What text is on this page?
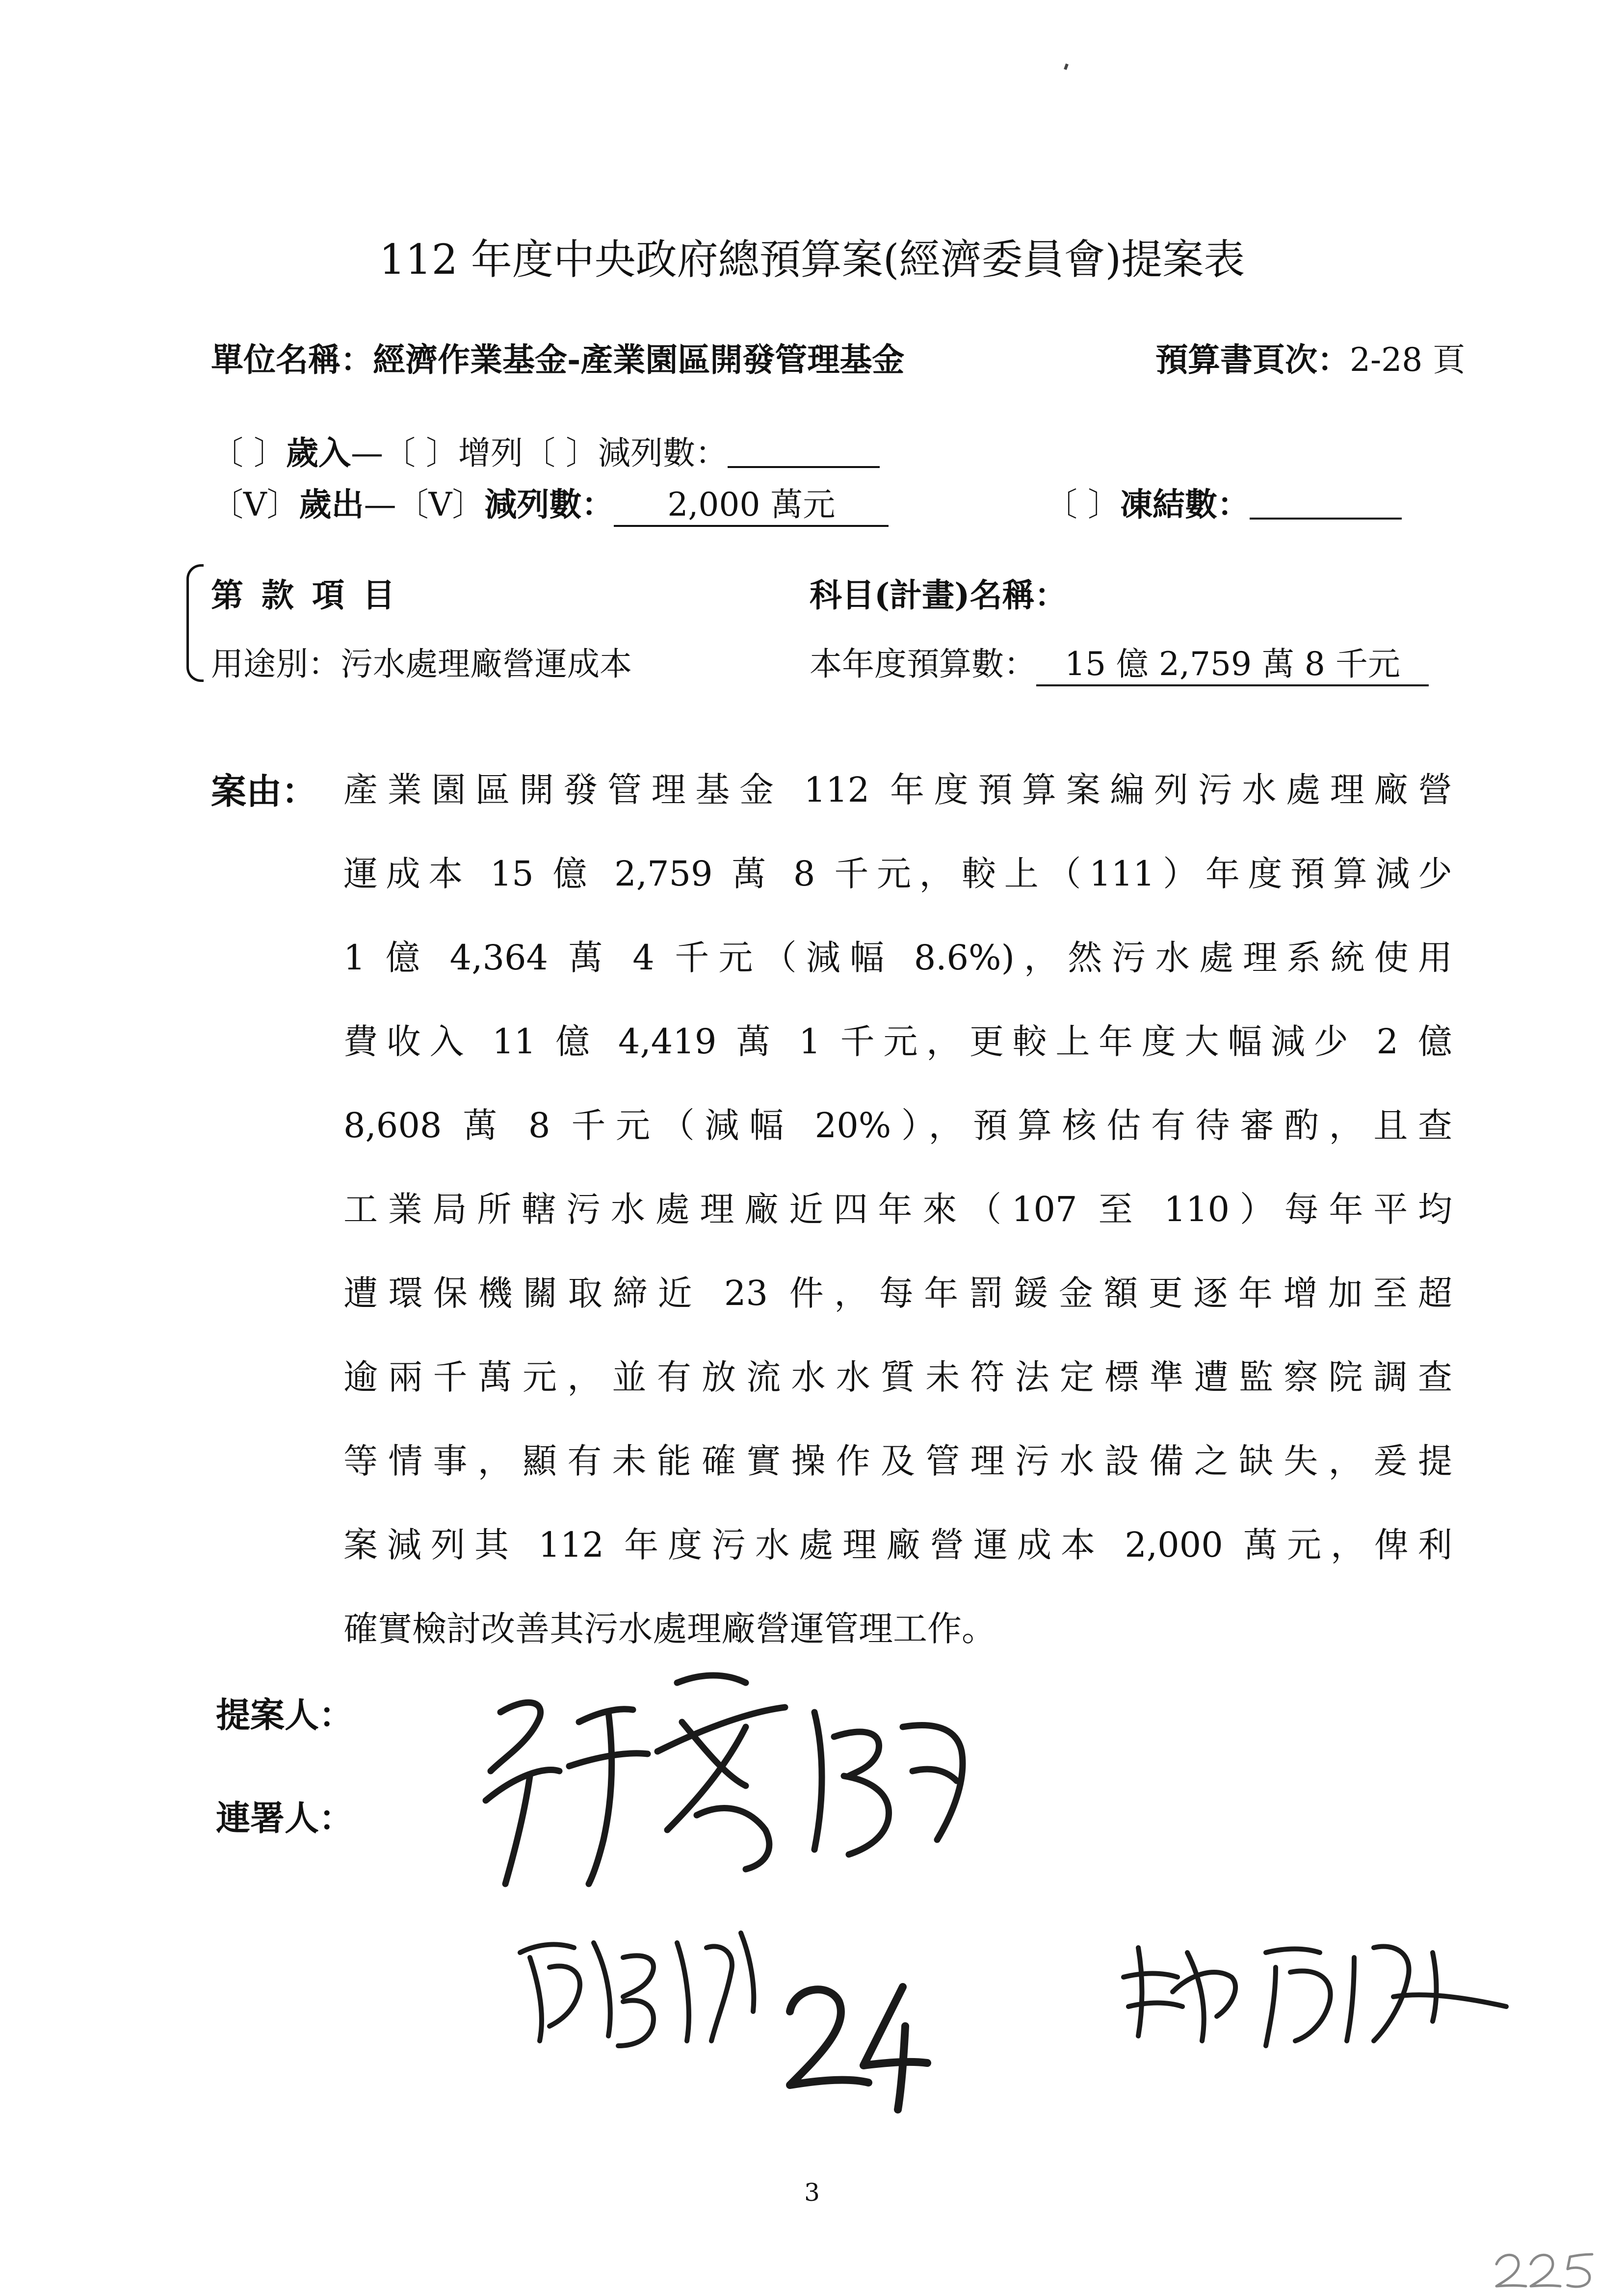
112 年度中央政府總預算案(經濟委員會)提案表
單位名稱：經濟作業基金-產業園區開發管理基金	預算書頁次：2-28 頁
〔 〕歲入—〔 〕增列〔 〕減列數：
〔V〕歲出—〔V〕減列數： 2,000 萬元	〔 〕凍結數：
第 款 項 目	科目(計畫)名稱：
用途別：污水處理廠營運成本	本年度預算數： 15 億 2,759 萬 8 千元
案由： 產業園區開發管理基金 112 年度預算案編列污水處理廠營
運成本 15 億 2,759 萬 8 千元，較上（111）年度預算減少
1 億 4,364 萬 4 千元（減幅 8.6%)，然污水處理系統使用
費收入 11 億 4,419 萬 1 千元，更較上年度大幅減少 2 億
8,608 萬 8 千元（減幅 20%），預算核估有待審酌，且查
工業局所轄污水處理廠近四年來（107 至 110）每年平均
遭環保機關取締近 23 件，每年罰鍰金額更逐年增加至超
逾兩千萬元，並有放流水水質未符法定標準遭監察院調查
等情事，顯有未能確實操作及管理污水設備之缺失，爰提
案減列其 112 年度污水處理廠營運成本 2,000 萬元，俾利
確實檢討改善其污水處理廠營運管理工作。
提案人：
連署人：
3
